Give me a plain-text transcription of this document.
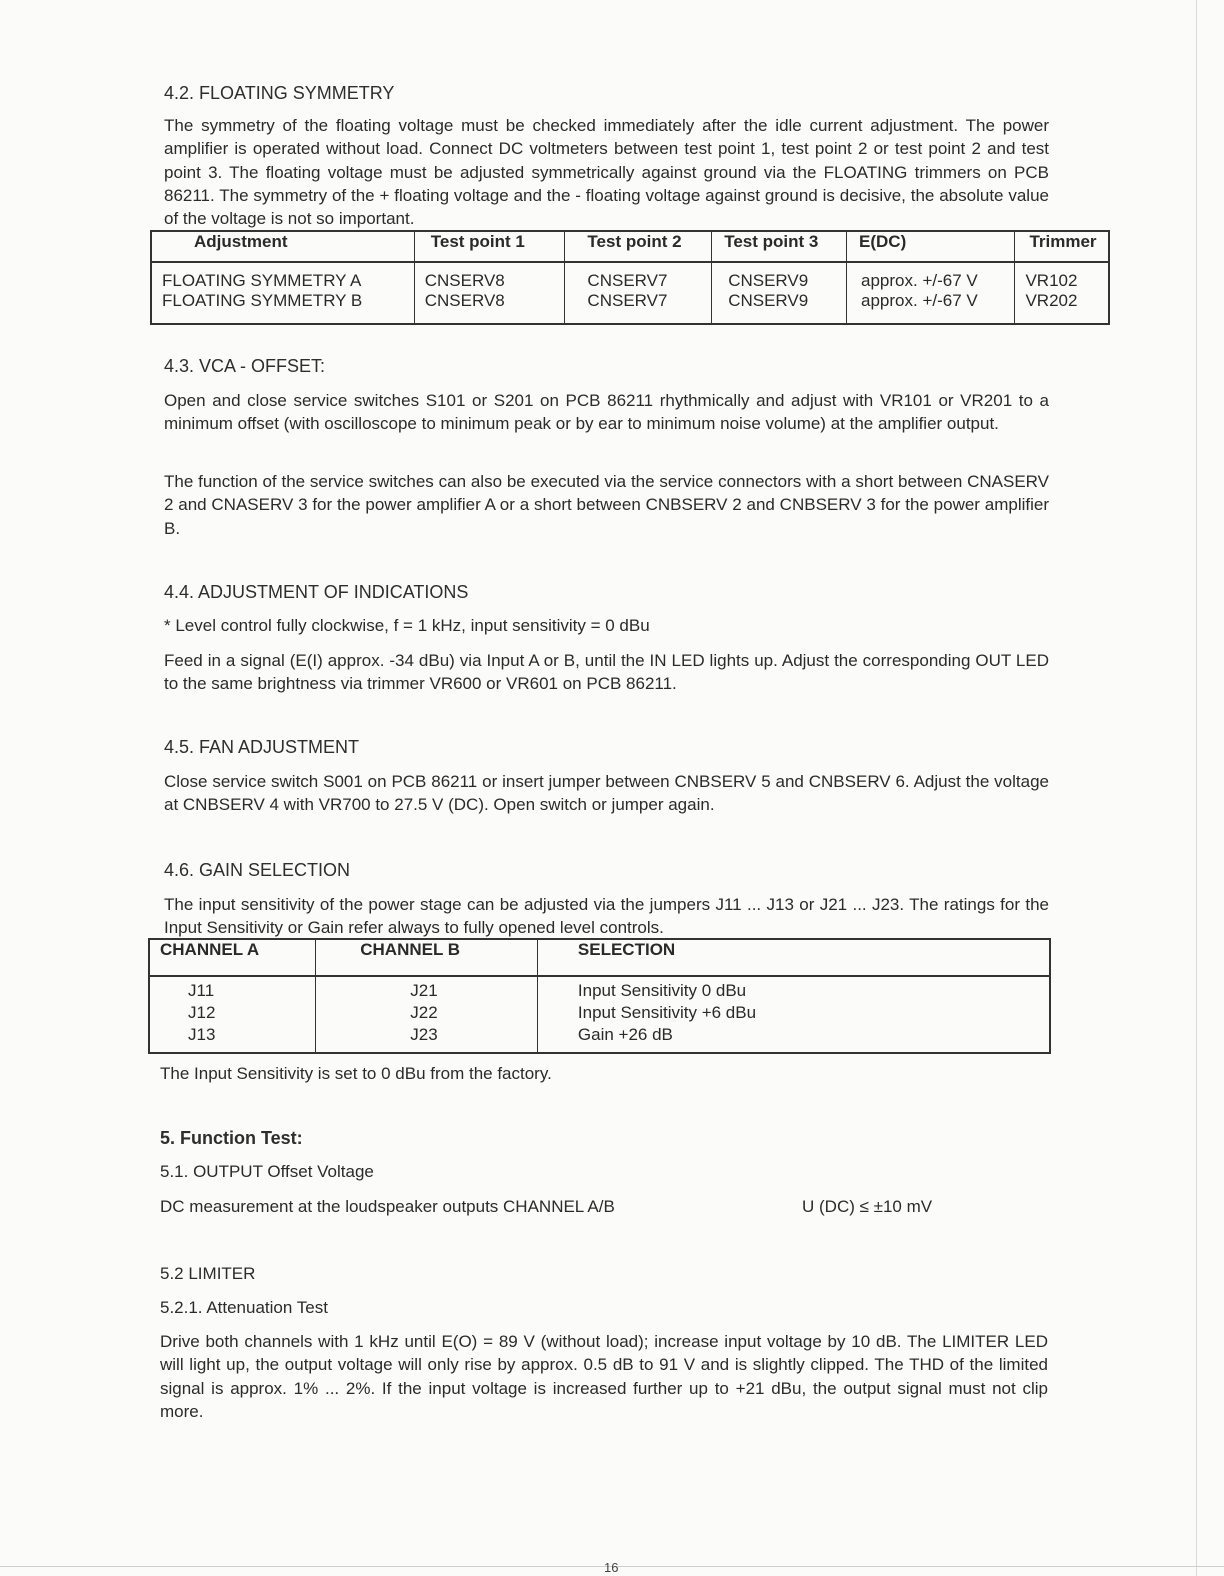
4.2. FLOATING SYMMETRY
The symmetry of the floating voltage must be checked immediately after the idle current adjustment. The power amplifier is operated without load. Connect DC voltmeters between test point 1, test point 2 or test point 2 and test point 3. The floating voltage must be adjusted symmetrically against ground via the FLOATING trimmers on PCB 86211. The symmetry of the + floating voltage and the - floating voltage against ground is decisive, the absolute value of the voltage is not so important.
Adjustment	Test point 1	Test point 2	Test point 3	E(DC)	Trimmer
FLOATING SYMMETRY A	CNSERV8	CNSERV7	CNSERV9	approx. +/-67 V	VR102
FLOATING SYMMETRY B	CNSERV8	CNSERV7	CNSERV9	approx. +/-67 V	VR202
4.3. VCA - OFFSET:
Open and close service switches S101 or S201 on PCB 86211 rhythmically and adjust with VR101 or VR201 to a minimum offset (with oscilloscope to minimum peak or by ear to minimum noise volume) at the amplifier output.
The function of the service switches can also be executed via the service connectors with a short between CNASERV 2 and CNASERV 3 for the power amplifier A or a short between CNBSERV 2 and CNBSERV 3 for the power amplifier B.
4.4. ADJUSTMENT OF INDICATIONS
* Level control fully clockwise, f = 1 kHz, input sensitivity = 0 dBu
Feed in a signal (E(I) approx. -34 dBu) via Input A or B, until the IN LED lights up. Adjust the corresponding OUT LED to the same brightness via trimmer VR600 or VR601 on PCB 86211.
4.5. FAN ADJUSTMENT
Close service switch S001 on PCB 86211 or insert jumper between CNBSERV 5 and CNBSERV 6. Adjust the voltage at CNBSERV 4 with VR700 to 27.5 V (DC). Open switch or jumper again.
4.6. GAIN SELECTION
The input sensitivity of the power stage can be adjusted via the jumpers J11 ... J13 or J21 ... J23. The ratings for the Input Sensitivity or Gain refer always to fully opened level controls.
CHANNEL A	CHANNEL B	SELECTION
J11	J21	Input Sensitivity 0 dBu
J12	J22	Input Sensitivity +6 dBu
J13	J23	Gain +26 dB
The Input Sensitivity is set to 0 dBu from the factory.
5. Function Test:
5.1. OUTPUT Offset Voltage
DC measurement at the loudspeaker outputs CHANNEL A/B	U (DC) ≤ ±10 mV
5.2 LIMITER
5.2.1. Attenuation Test
Drive both channels with 1 kHz until E(O) = 89 V (without load); increase input voltage by 10 dB. The LIMITER LED will light up, the output voltage will only rise by approx. 0.5 dB to 91 V and is slightly clipped. The THD of the limited signal is approx. 1% ... 2%. If the input voltage is increased further up to +21 dBu, the output signal must not clip more.
16
